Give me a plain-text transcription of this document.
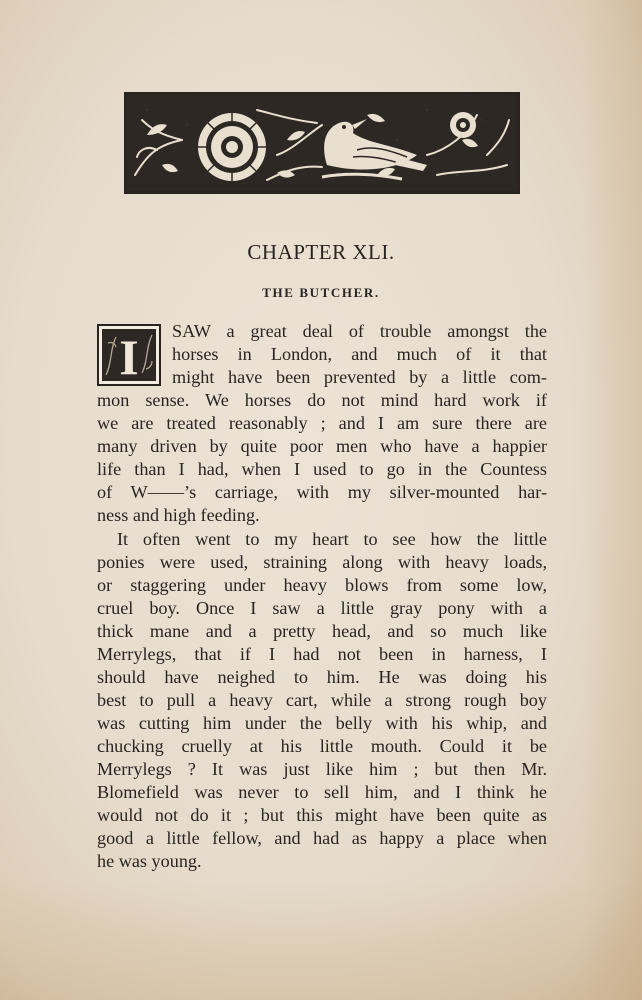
CHAPTER XLI.
THE BUTCHER.
I	SAW a great deal of trouble amongst the
horses in London, and much of it that
might have been prevented by a little com-
mon sense. We horses do not mind hard work if
we are treated reasonably ; and I am sure there are
many driven by quite poor men who have a happier
life than I had, when I used to go in the Countess
of W——’s carriage, with my silver-mounted har-
ness and high feeding.
It often went to my heart to see how the little
ponies were used, straining along with heavy loads,
or staggering under heavy blows from some low,
cruel boy. Once I saw a little gray pony with a
thick mane and a pretty head, and so much like
Merrylegs, that if I had not been in harness, I
should have neighed to him. He was doing his
best to pull a heavy cart, while a strong rough boy
was cutting him under the belly with his whip, and
chucking cruelly at his little mouth. Could it be
Merrylegs ? It was just like him ; but then Mr.
Blomefield was never to sell him, and I think he
would not do it ; but this might have been quite as
good a little fellow, and had as happy a place when
he was young.
